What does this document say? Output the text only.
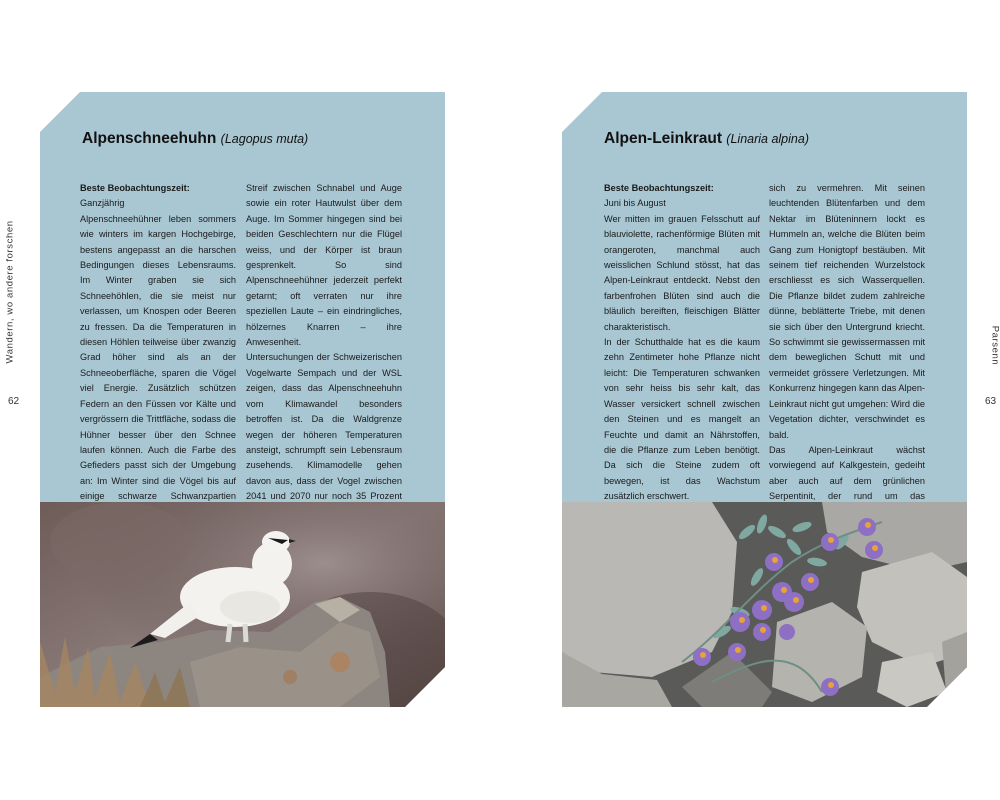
Wandern, wo andere forschen
62
Parsenn
63
Alpenschneehuhn (Lagopus muta)
Beste Beobachtungszeit:
Ganzjährig

Alpenschneehühner leben sommers wie winters im kargen Hochgebirge, bestens angepasst an die harschen Bedingungen dieses Lebensraums. Im Winter graben sie sich Schneehöhlen, die sie meist nur verlassen, um Knospen oder Beeren zu fressen. Da die Temperaturen in diesen Höhlen teilweise über zwanzig Grad höher sind als an der Schneeoberfläche, sparen die Vögel viel Energie. Zusätzlich schützen Federn an den Füssen vor Kälte und vergrössern die Trittfläche, sodass die Hühner besser über den Schnee laufen können. Auch die Farbe des Gefieders passt sich der Umgebung an: Im Winter sind die Vögel bis auf einige schwarze Schwanzpartien

Streif zwischen Schnabel und Auge sowie ein roter Hautwulst über dem Auge. Im Sommer hingegen sind bei beiden Geschlechtern nur die Flügel weiss, und der Körper ist braun gesprenkelt. So sind Alpenschneehühner jederzeit perfekt getarnt; oft verraten nur ihre speziellen Laute – ein eindringliches, hölzernes Knarren – ihre Anwesenheit.

Untersuchungen der Schweizerischen Vogelwarte Sempach und der WSL zeigen, dass das Alpenschneehuhn vom Klimawandel besonders betroffen ist. Da die Waldgrenze wegen der höheren Temperaturen ansteigt, schrumpft sein Lebensraum zusehends. Klimamodelle gehen davon aus, dass der Vogel zwischen 2041 und 2070 nur noch 35 Prozent

Alpen-Leinkraut (Linaria alpina)
Beste Beobachtungszeit:
Juni bis August

Wer mitten im grauen Felsschutt auf blauviolette, rachenförmige Blüten mit orangeroten, manchmal auch weisslichen Schlund stösst, hat das Alpen-Leinkraut entdeckt. Nebst den farbenfrohen Blüten sind auch die bläulich bereiften, fleischigen Blätter charakteristisch.

In der Schutthalde hat es die kaum zehn Zentimeter hohe Pflanze nicht leicht: Die Temperaturen schwanken von sehr heiss bis sehr kalt, das Wasser versickert schnell zwischen den Steinen und es mangelt an Feuchte und damit an Nährstoffen, die die Pflanze zum Leben benötigt. Da sich die Steine zudem oft bewegen, ist das Wachstum zusätzlich erschwert.

sich zu vermehren. Mit seinen leuchtenden Blütenfarben und dem Nektar im Blüteninnern lockt es Hummeln an, welche die Blüten beim Gang zum Honigtopf bestäuben. Mit seinem tief reichenden Wurzelstock erschliesst es sich Wasserquellen. Die Pflanze bildet zudem zahlreiche dünne, beblätterte Triebe, mit denen sie sich über den Untergrund kriecht. So schwimmt sie gewissermassen mit dem beweglichen Schutt mit und vermeidet grössere Verletzungen. Mit Konkurrenz hingegen kann das Alpen-Leinkraut nicht gut umgehen: Wird die Vegetation dichter, verschwindet es bald.

Das Alpen-Leinkraut wächst vorwiegend auf Kalkgestein, gedeiht aber auch auf dem grünlichen Serpentinit, der rund um das
